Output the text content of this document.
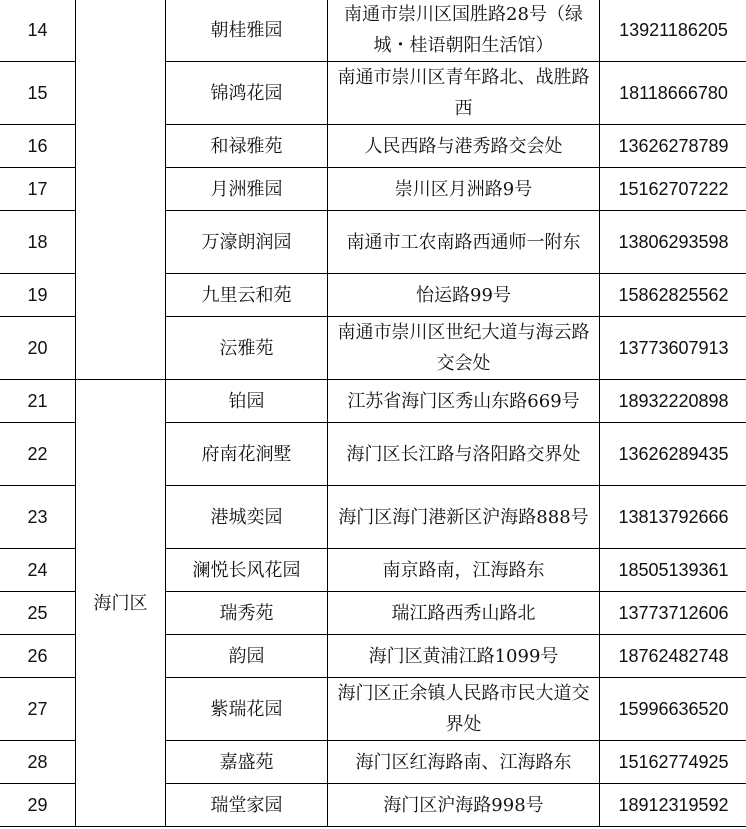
14		朝桂雅园	南通市崇川区国胜路28号（绿城・桂语朝阳生活馆）	13921186205
15		锦鸿花园	南通市崇川区青年路北、战胜路西	18118666780
16		和禄雅苑	人民西路与港秀路交会处	13626278789
17		月洲雅园	崇川区月洲路9号	15162707222
18		万濠朗润园	南通市工农南路西通师一附东	13806293598
19		九里云和苑	怡运路99号	15862825562
20		沄雅苑	南通市崇川区世纪大道与海云路交会处	13773607913
21	海门区	铂园	江苏省海门区秀山东路669号	18932220898
22		府南花涧墅	海门区长江路与洛阳路交界处	13626289435
23		港城奕园	海门区海门港新区沪海路888号	13813792666
24		澜悦长风花园	南京路南，江海路东	18505139361
25		瑞秀苑	瑞江路西秀山路北	13773712606
26		韵园	海门区黄浦江路1099号	18762482748
27		紫瑞花园	海门区正余镇人民路市民大道交界处	15996636520
28		嘉盛苑	海门区红海路南、江海路东	15162774925
29		瑞堂家园	海门区沪海路998号	18912319592
